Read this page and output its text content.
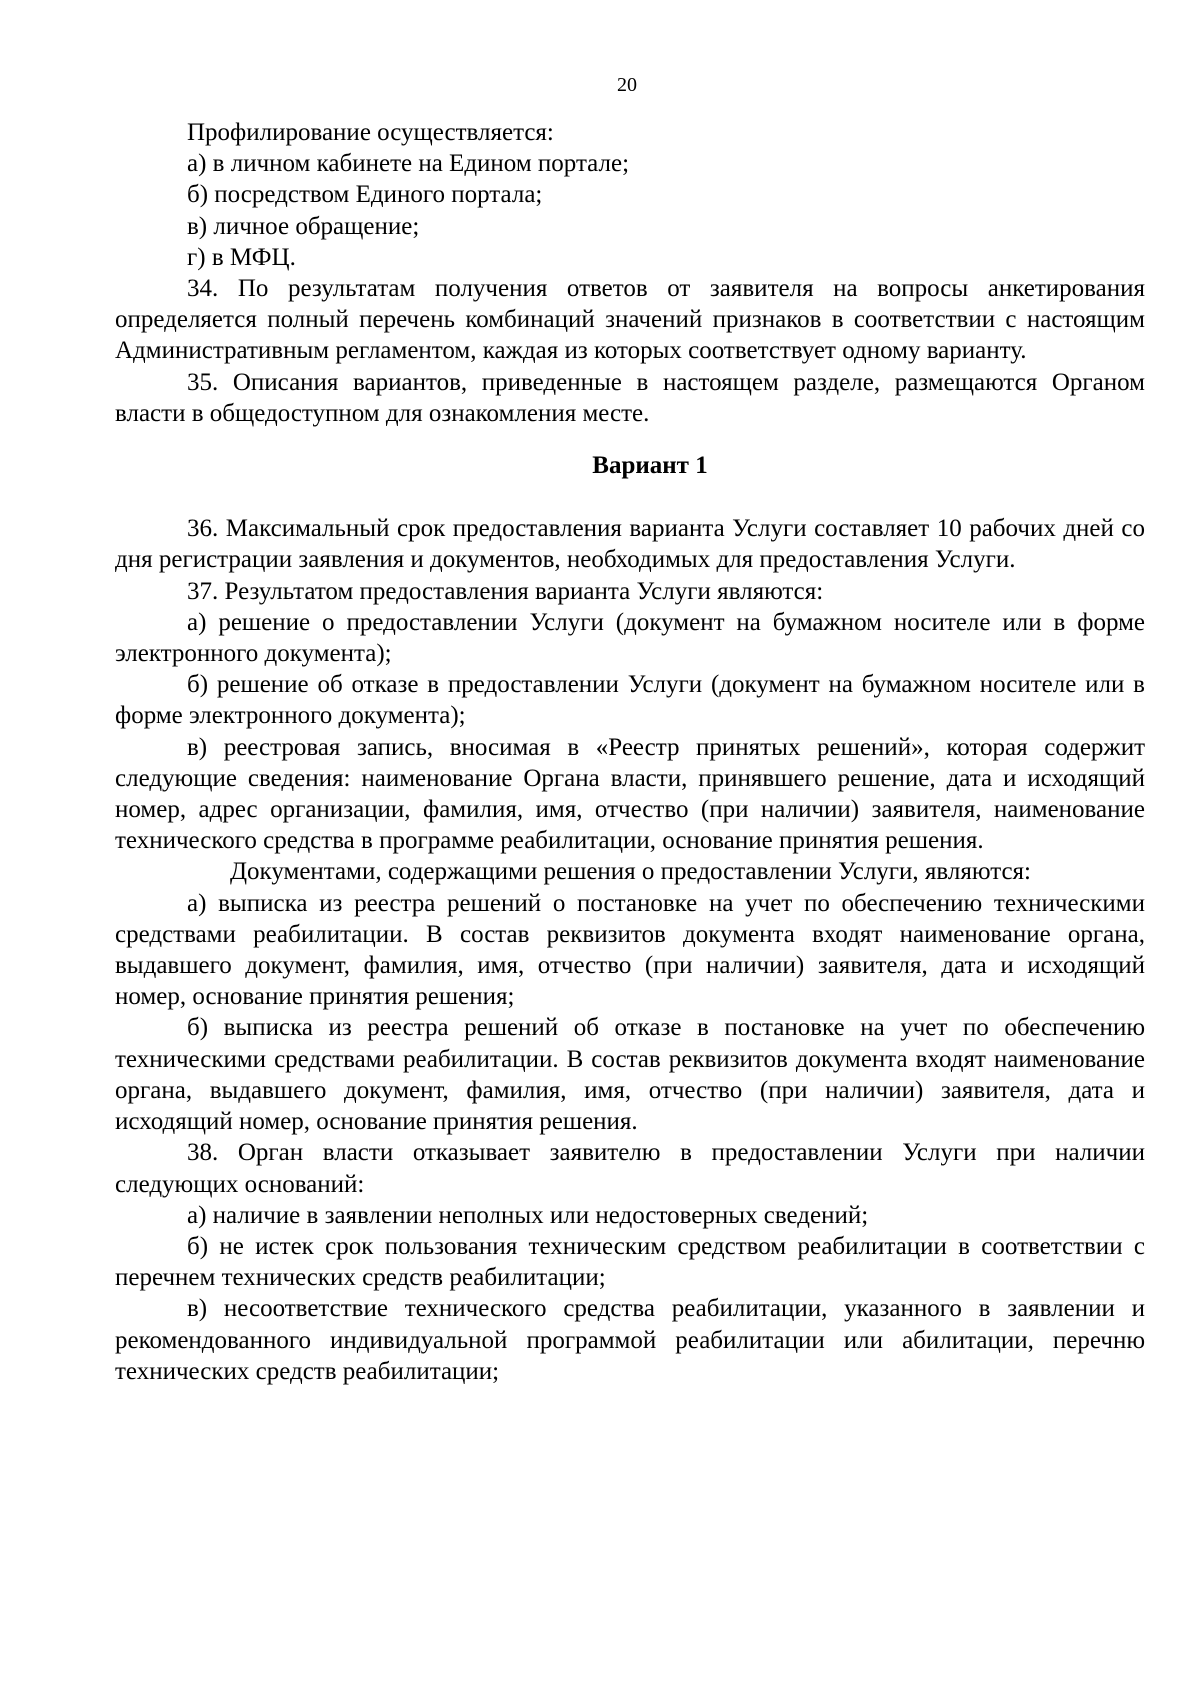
20

Профилирование осуществляется:

а) в личном кабинете на Едином портале;

б) посредством Единого портала;

в) личное обращение;

г) в МФЦ.

34. По результатам получения ответов от заявителя на вопросы анкетирования определяется полный перечень комбинаций значений признаков в соответствии с настоящим Административным регламентом, каждая из которых соответствует одному варианту.

35. Описания вариантов, приведенные в настоящем разделе, размещаются Органом власти в общедоступном для ознакомления месте.

Вариант 1

36. Максимальный срок предоставления варианта Услуги составляет 10 рабочих дней со дня регистрации заявления и документов, необходимых для предоставления Услуги.

37. Результатом предоставления варианта Услуги являются:

а) решение о предоставлении Услуги (документ на бумажном носителе или в форме электронного документа);

б) решение об отказе в предоставлении Услуги (документ на бумажном носителе или в форме электронного документа);

в) реестровая запись, вносимая в «Реестр принятых решений», которая содержит следующие сведения: наименование Органа власти, принявшего решение, дата и исходящий номер, адрес организации, фамилия, имя, отчество (при наличии) заявителя, наименование технического средства в программе реабилитации, основание принятия решения.

Документами, содержащими решения о предоставлении Услуги, являются:

а) выписка из реестра решений о постановке на учет по обеспечению техническими средствами реабилитации. В состав реквизитов документа входят наименование органа, выдавшего документ, фамилия, имя, отчество (при наличии) заявителя, дата и исходящий номер, основание принятия решения;

б) выписка из реестра решений об отказе в постановке на учет по обеспечению техническими средствами реабилитации. В состав реквизитов документа входят наименование органа, выдавшего документ, фамилия, имя, отчество (при наличии) заявителя, дата и исходящий номер, основание принятия решения.

38. Орган власти отказывает заявителю в предоставлении Услуги при наличии следующих оснований:

а) наличие в заявлении неполных или недостоверных сведений;

б) не истек срок пользования техническим средством реабилитации в соответствии с перечнем технических средств реабилитации;

в) несоответствие технического средства реабилитации, указанного в заявлении и рекомендованного индивидуальной программой реабилитации или абилитации, перечню технических средств реабилитации;
